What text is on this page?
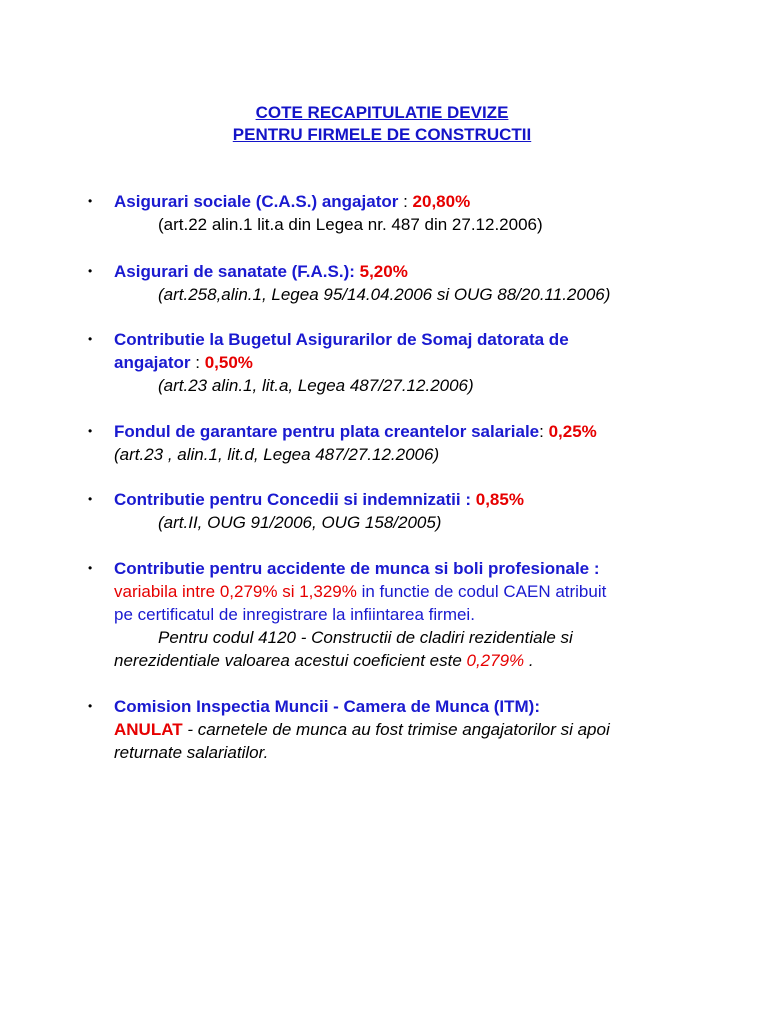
COTE RECAPITULATIE DEVIZE
PENTRU FIRMELE DE CONSTRUCTII
• Asigurari sociale (C.A.S.) angajator : 20,80%
(art.22 alin.1 lit.a din Legea nr. 487 din 27.12.2006)
• Asigurari de sanatate (F.A.S.): 5,20%
(art.258,alin.1, Legea 95/14.04.2006 si OUG 88/20.11.2006)
• Contributie la Bugetul Asigurarilor de Somaj datorata de
angajator : 0,50%
(art.23 alin.1, lit.a, Legea 487/27.12.2006)
• Fondul de garantare pentru plata creantelor salariale: 0,25%
(art.23 , alin.1, lit.d, Legea 487/27.12.2006)
• Contributie pentru Concedii si indemnizatii : 0,85%
(art.II, OUG 91/2006, OUG 158/2005)
• Contributie pentru accidente de munca si boli profesionale :
variabila intre 0,279% si 1,329% in functie de codul CAEN atribuit
pe certificatul de inregistrare la infiintarea firmei.
Pentru codul 4120 - Constructii de cladiri rezidentiale si
nerezidentiale valoarea acestui coeficient este 0,279% .
• Comision Inspectia Muncii - Camera de Munca (ITM):
ANULAT - carnetele de munca au fost trimise angajatorilor si apoi
returnate salariatilor.
